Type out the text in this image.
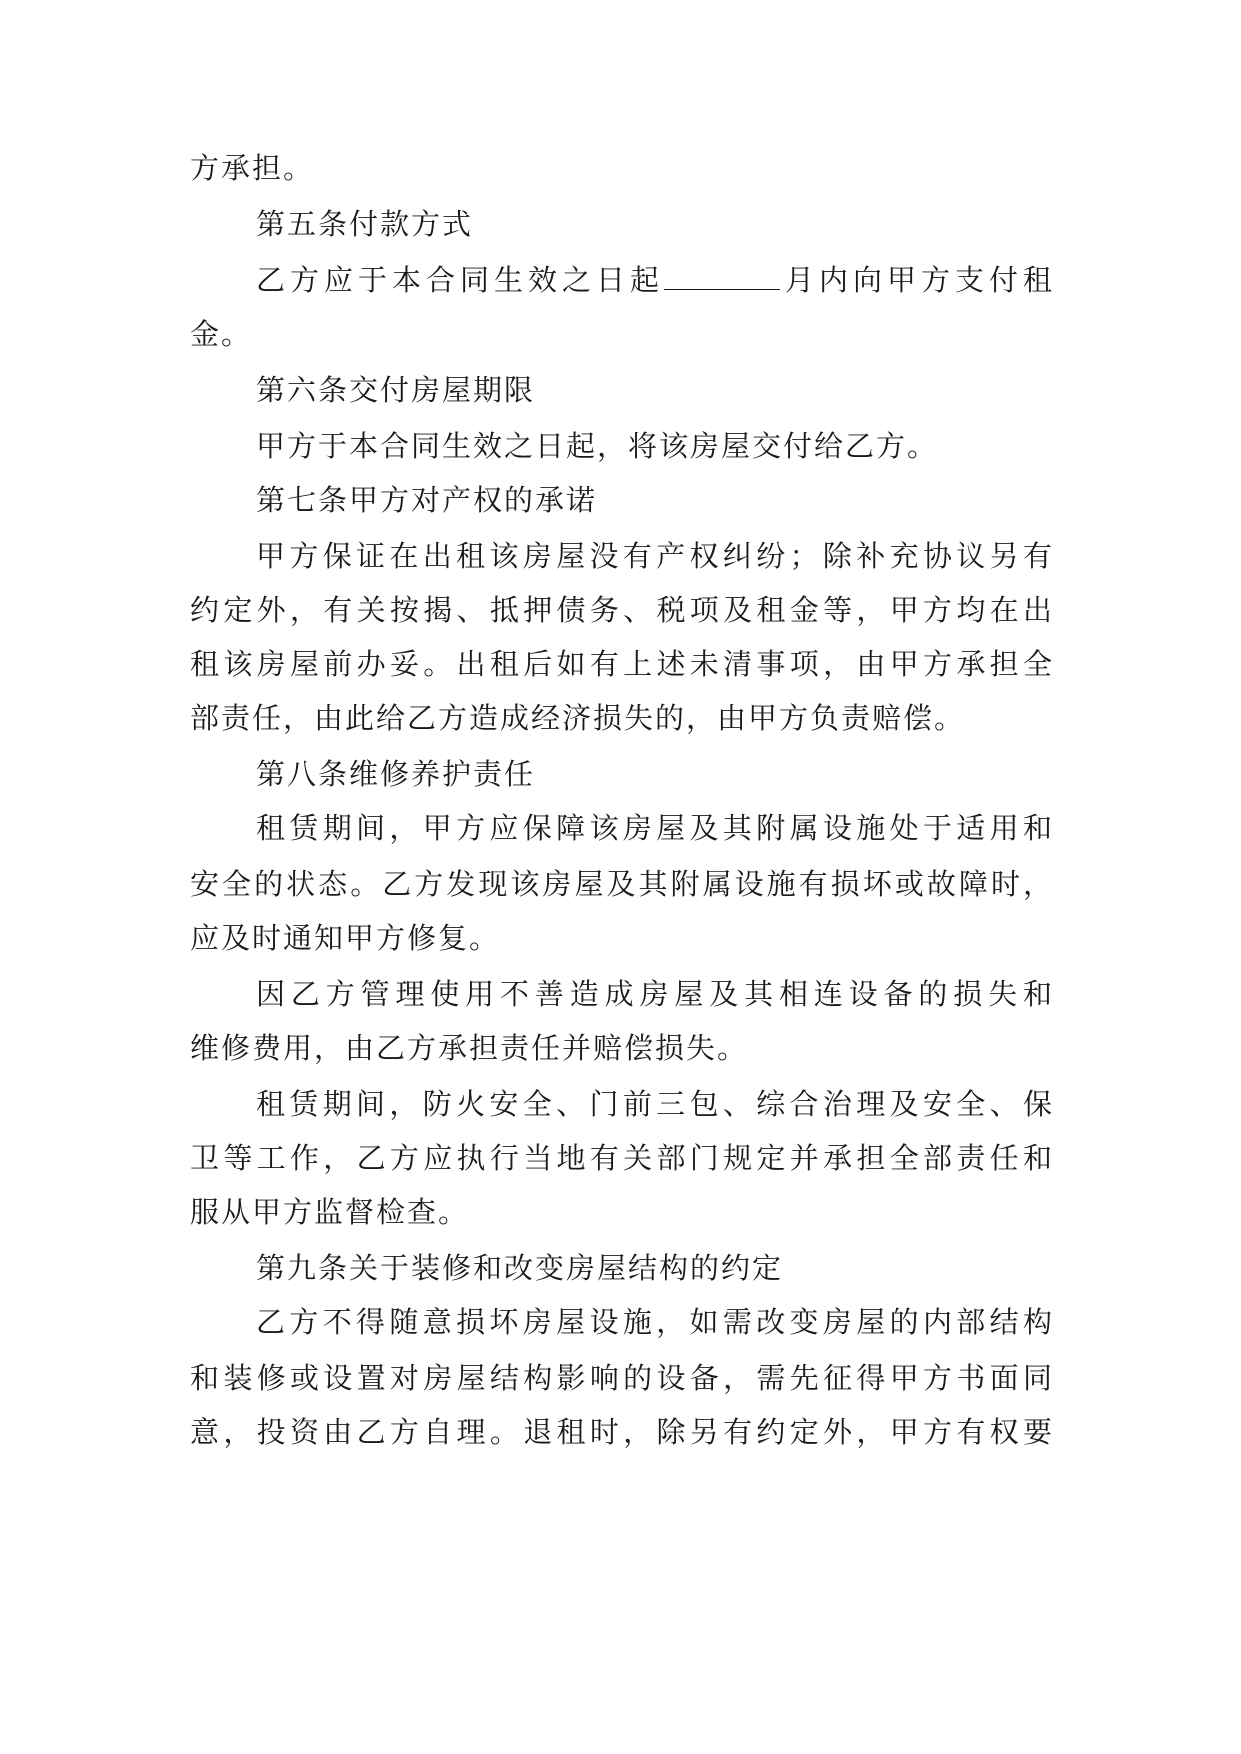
方承担。
第五条付款方式
乙方应于本合同生效之日起	月内向甲方支付租
金。
第六条交付房屋期限
甲方于本合同生效之日起，将该房屋交付给乙方。
第七条甲方对产权的承诺
甲方保证在出租该房屋没有产权纠纷；除补充协议另有
约定外，有关按揭、抵押债务、税项及租金等，甲方均在出
租该房屋前办妥。出租后如有上述未清事项，由甲方承担全
部责任，由此给乙方造成经济损失的，由甲方负责赔偿。
第八条维修养护责任
租赁期间，甲方应保障该房屋及其附属设施处于适用和
安全的状态。乙方发现该房屋及其附属设施有损坏或故障时，
应及时通知甲方修复。
因乙方管理使用不善造成房屋及其相连设备的损失和
维修费用，由乙方承担责任并赔偿损失。
租赁期间，防火安全、门前三包、综合治理及安全、保
卫等工作，乙方应执行当地有关部门规定并承担全部责任和
服从甲方监督检查。
第九条关于装修和改变房屋结构的约定
乙方不得随意损坏房屋设施，如需改变房屋的内部结构
和装修或设置对房屋结构影响的设备，需先征得甲方书面同
意，投资由乙方自理。退租时，除另有约定外，甲方有权要
